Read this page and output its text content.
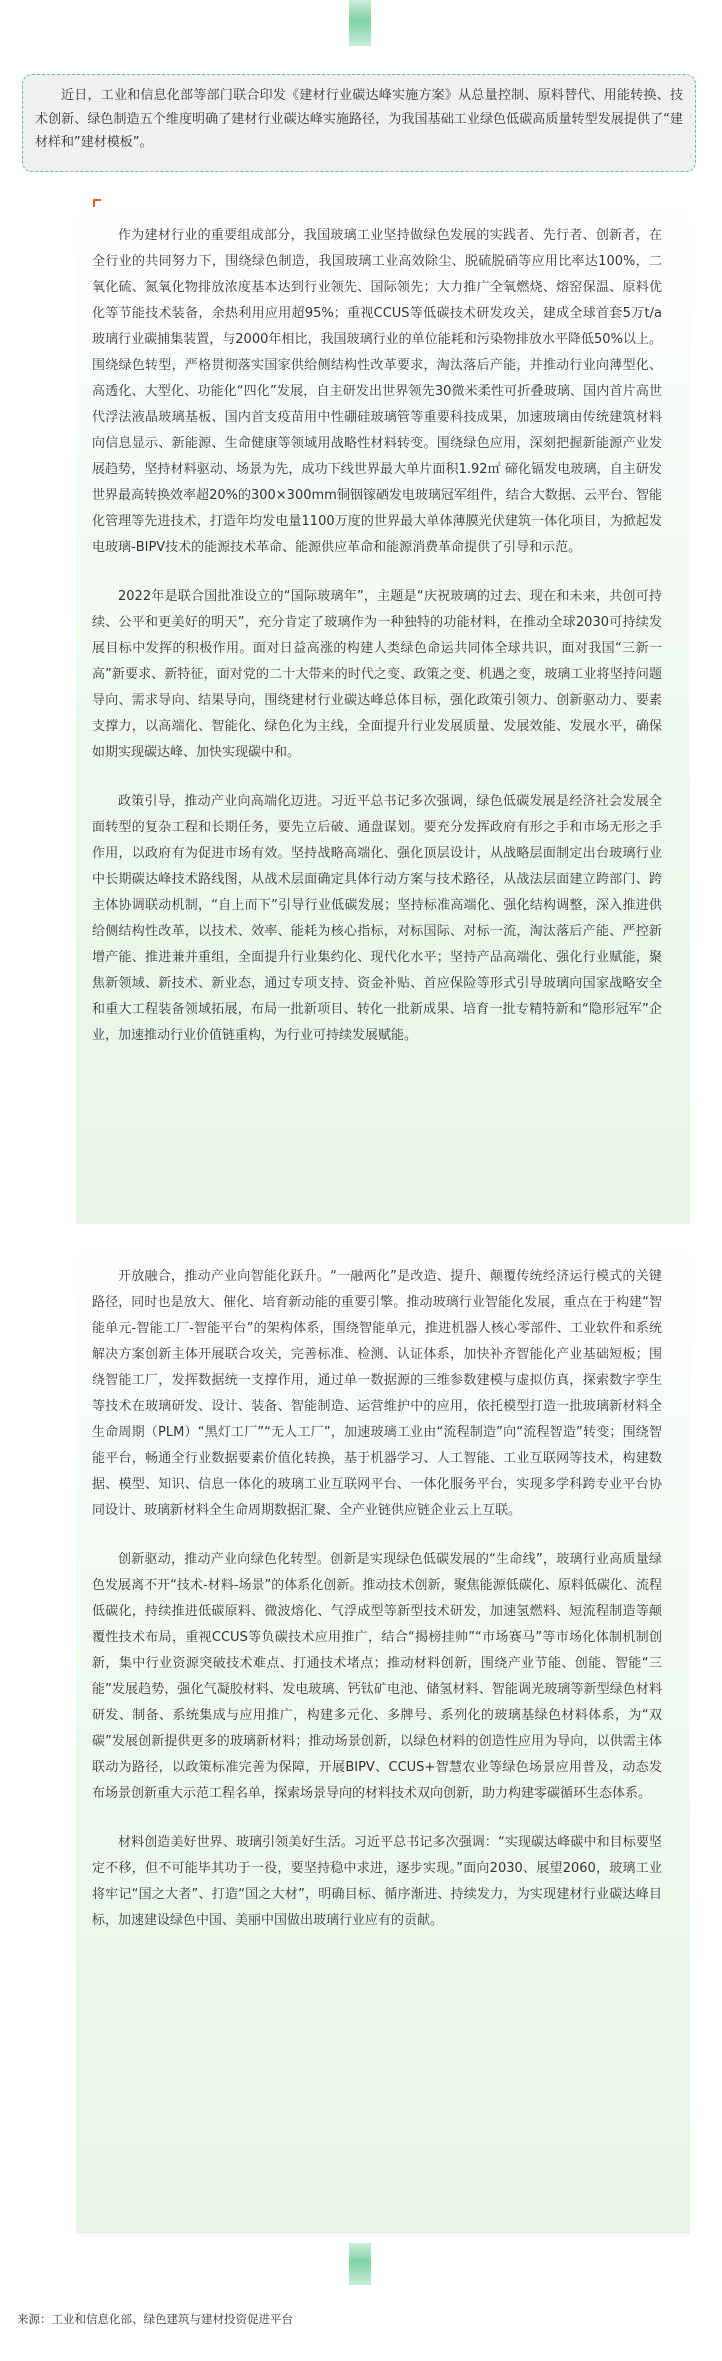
近日，工业和信息化部等部门联合印发《建材行业碳达峰实施方案》从总量控制、原料替代、用能转换、技术创新、绿色制造五个维度明确了建材行业碳达峰实施路径，为我国基础工业绿色低碳高质量转型发展提供了“建材样和”建材模板”。

作为建材行业的重要组成部分，我国玻璃工业坚持做绿色发展的实践者、先行者、创新者，在全行业的共同努力下，围绕绿色制造，我国玻璃工业高效除尘、脱硫脱硝等应用比率达100%，二氧化硫、氮氧化物排放浓度基本达到行业领先、国际领先；大力推广全氧燃烧、熔窑保温、原料优化等节能技术装备，余热利用应用超95%；重视CCUS等低碳技术研发攻关，建成全球首套5万t/a玻璃行业碳捕集装置，与2000年相比，我国玻璃行业的单位能耗和污染物排放水平降低50%以上。围绕绿色转型，严格贯彻落实国家供给侧结构性改革要求，淘汰落后产能，并推动行业向薄型化、高透化、大型化、功能化“四化”发展，自主研发出世界领先30微米柔性可折叠玻璃、国内首片高世代浮法液晶玻璃基板、国内首支疫苗用中性硼硅玻璃管等重要科技成果，加速玻璃由传统建筑材料向信息显示、新能源、生命健康等领域用战略性材料转变。围绕绿色应用，深刻把握新能源产业发展趋势，坚持材料驱动、场景为先，成功下线世界最大单片面积1.92㎡ 碲化镉发电玻璃，自主研发世界最高转换效率超20%的300×300mm铜铟镓硒发电玻璃冠军组件，结合大数据、云平台、智能化管理等先进技术，打造年均发电量1100万度的世界最大单体薄膜光伏建筑一体化项目，为掀起发电玻璃-BIPV技术的能源技术革命、能源供应革命和能源消费革命提供了引导和示范。

2022年是联合国批准设立的“国际玻璃年”，主题是“庆祝玻璃的过去、现在和未来，共创可持续、公平和更美好的明天”，充分肯定了玻璃作为一种独特的功能材料，在推动全球2030可持续发展目标中发挥的积极作用。面对日益高涨的构建人类绿色命运共同体全球共识，面对我国“三新一高”新要求、新特征，面对党的二十大带来的时代之变、政策之变、机遇之变，玻璃工业将坚持问题导向、需求导向、结果导向，围绕建材行业碳达峰总体目标，强化政策引领力、创新驱动力、要素支撑力，以高端化、智能化、绿色化为主线，全面提升行业发展质量、发展效能、发展水平，确保如期实现碳达峰、加快实现碳中和。

政策引导，推动产业向高端化迈进。习近平总书记多次强调，绿色低碳发展是经济社会发展全面转型的复杂工程和长期任务，要先立后破、通盘谋划。要充分发挥政府有形之手和市场无形之手作用，以政府有为促进市场有效。坚持战略高端化、强化顶层设计，从战略层面制定出台玻璃行业中长期碳达峰技术路线图，从战术层面确定具体行动方案与技术路径，从战法层面建立跨部门、跨主体协调联动机制，“自上而下”引导行业低碳发展；坚持标准高端化、强化结构调整，深入推进供给侧结构性改革，以技术、效率、能耗为核心指标，对标国际、对标一流，淘汰落后产能、严控新增产能、推进兼并重组，全面提升行业集约化、现代化水平；坚持产品高端化、强化行业赋能，聚焦新领域、新技术、新业态，通过专项支持、资金补贴、首应保险等形式引导玻璃向国家战略安全和重大工程装备领域拓展，布局一批新项目、转化一批新成果、培育一批专精特新和“隐形冠军”企业，加速推动行业价值链重构，为行业可持续发展赋能。

开放融合，推动产业向智能化跃升。“一融两化”是改造、提升、颠覆传统经济运行模式的关键路径，同时也是放大、催化、培育新动能的重要引擎。推动玻璃行业智能化发展，重点在于构建“智能单元-智能工厂-智能平台”的架构体系，围绕智能单元，推进机器人核心零部件、工业软件和系统解决方案创新主体开展联合攻关，完善标准、检测、认证体系，加快补齐智能化产业基础短板；围绕智能工厂，发挥数据统一支撑作用，通过单一数据源的三维参数建模与虚拟仿真，探索数字孪生等技术在玻璃研发、设计、装备、智能制造、运营维护中的应用，依托模型打造一批玻璃新材料全生命周期（PLM）“黑灯工厂”“无人工厂”，加速玻璃工业由“流程制造”向“流程智造”转变；围绕智能平台，畅通全行业数据要素价值化转换，基于机器学习、人工智能、工业互联网等技术，构建数据、模型、知识、信息一体化的玻璃工业互联网平台、一体化服务平台，实现多学科跨专业平台协同设计、玻璃新材料全生命周期数据汇聚、全产业链供应链企业云上互联。

创新驱动，推动产业向绿色化转型。创新是实现绿色低碳发展的“生命线”，玻璃行业高质量绿色发展离不开“技术-材料-场景”的体系化创新。推动技术创新，聚焦能源低碳化、原料低碳化、流程低碳化，持续推进低碳原料、微波熔化、气浮成型等新型技术研发，加速氢燃料、短流程制造等颠覆性技术布局，重视CCUS等负碳技术应用推广，结合“揭榜挂帅”“市场赛马”等市场化体制机制创新，集中行业资源突破技术难点、打通技术堵点；推动材料创新，围绕产业节能、创能、智能“三能”发展趋势，强化气凝胶材料、发电玻璃、钙钛矿电池、储氢材料、智能调光玻璃等新型绿色材料研发、制备、系统集成与应用推广，构建多元化、多牌号、系列化的玻璃基绿色材料体系，为“双碳”发展创新提供更多的玻璃新材料；推动场景创新，以绿色材料的创造性应用为导向，以供需主体联动为路径，以政策标准完善为保障，开展BIPV、CCUS+智慧农业等绿色场景应用普及，动态发布场景创新重大示范工程名单，探索场景导向的材料技术双向创新，助力构建零碳循环生态体系。

材料创造美好世界、玻璃引领美好生活。习近平总书记多次强调：“实现碳达峰碳中和目标要坚定不移，但不可能毕其功于一役，要坚持稳中求进，逐步实现。”面向2030、展望2060，玻璃工业将牢记“国之大者”、打造“国之大材”，明确目标、循序渐进、持续发力，为实现建材行业碳达峰目标，加速建设绿色中国、美丽中国做出玻璃行业应有的贡献。

来源：工业和信息化部、绿色建筑与建材投资促进平台
